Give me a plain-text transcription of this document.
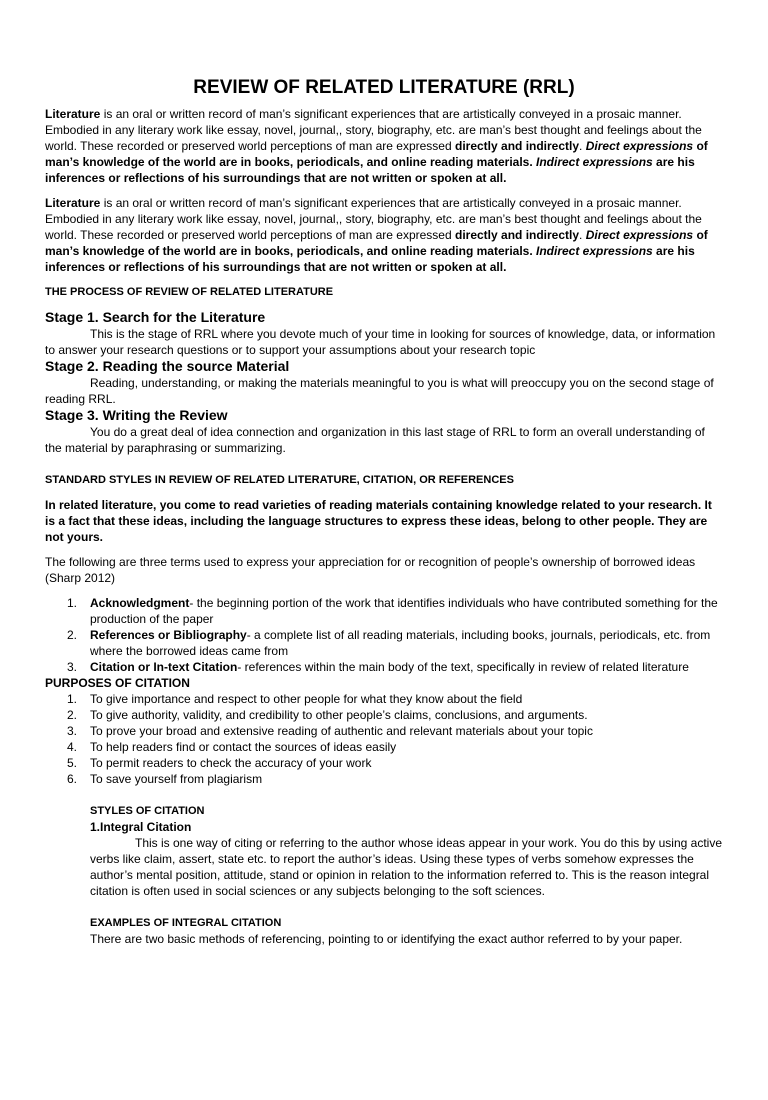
REVIEW OF RELATED LITERATURE (RRL)

Literature is an oral or written record of man’s significant experiences that are artistically conveyed in a prosaic manner. Embodied in any literary work like essay, novel, journal,, story, biography, etc. are man’s best thought and feelings about the world. These recorded or preserved world perceptions of man are expressed directly and indirectly. Direct expressions of man’s knowledge of the world are in books, periodicals, and online reading materials. Indirect expressions are his inferences or reflections of his surroundings that are not written or spoken at all.

Literature is an oral or written record of man’s significant experiences that are artistically conveyed in a prosaic manner. Embodied in any literary work like essay, novel, journal,, story, biography, etc. are man’s best thought and feelings about the world. These recorded or preserved world perceptions of man are expressed directly and indirectly. Direct expressions of man’s knowledge of the world are in books, periodicals, and online reading materials. Indirect expressions are his inferences or reflections of his surroundings that are not written or spoken at all.

THE PROCESS OF REVIEW OF RELATED LITERATURE

Stage 1. Search for the Literature

This is the stage of RRL where you devote much of your time in looking for sources of knowledge, data, or information to answer your research questions or to support your assumptions about your research topic

Stage 2. Reading the source Material

Reading, understanding, or making the materials meaningful to you is what will preoccupy you on the second stage of reading RRL.

Stage 3. Writing the Review

You do a great deal of idea connection and organization in this last stage of RRL to form an overall understanding of the material by paraphrasing or summarizing.

STANDARD STYLES IN REVIEW OF RELATED LITERATURE, CITATION, OR REFERENCES

In related literature, you come to read varieties of reading materials containing knowledge related to your research. It is a fact that these ideas, including the language structures to express these ideas, belong to other people. They are not yours.

The following are three terms used to express your appreciation for or recognition of people’s ownership of borrowed ideas (Sharp 2012)

1. Acknowledgment- the beginning portion of the work that identifies individuals who have contributed something for the production of the paper
2. References or Bibliography- a complete list of all reading materials, including books, journals, periodicals, etc. from where the borrowed ideas came from
3. Citation or In-text Citation- references within the main body of the text, specifically in review of related literature

PURPOSES OF CITATION

1. To give importance and respect to other people for what they know about the field
2. To give authority, validity, and credibility to other people’s claims, conclusions, and arguments.
3. To prove your broad and extensive reading of authentic and relevant materials about your topic
4. To help readers find or contact the sources of ideas easily
5. To permit readers to check the accuracy of your work
6. To save yourself from plagiarism

STYLES OF CITATION

1.Integral Citation

This is one way of citing or referring to the author whose ideas appear in your work. You do this by using active verbs like claim, assert, state etc. to report the author’s ideas. Using these types of verbs somehow expresses the author’s mental position, attitude, stand or opinion in relation to the information referred to. This is the reason integral citation is often used in social sciences or any subjects belonging to the soft sciences.

EXAMPLES OF INTEGRAL CITATION

There are two basic methods of referencing, pointing to or identifying the exact author referred to by your paper.
